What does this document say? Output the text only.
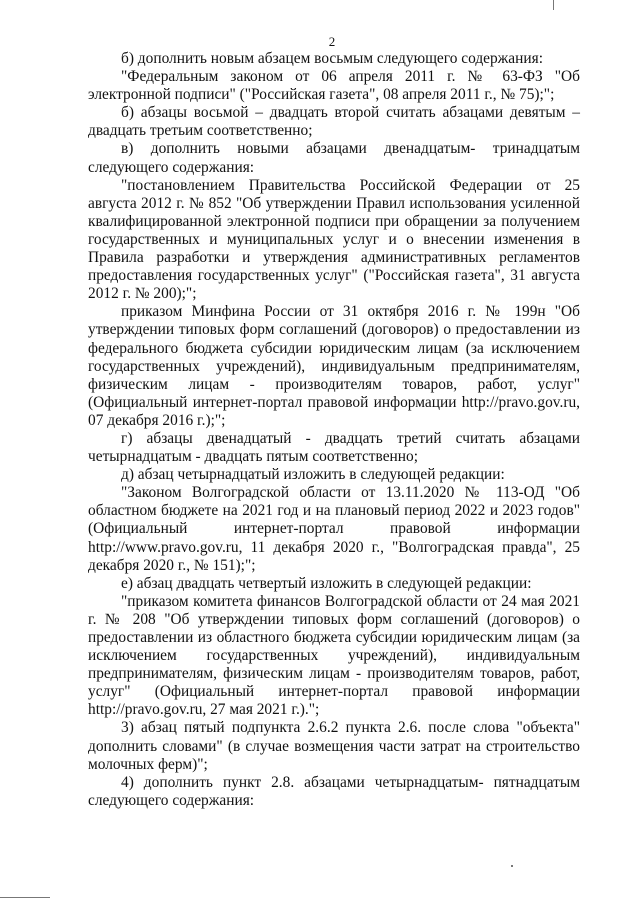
2

б) дополнить новым абзацем восьмым следующего содержания:

"Федеральным законом от 06 апреля 2011 г. № 63-ФЗ "Об электронной подписи" ("Российская газета", 08 апреля 2011 г., № 75);";

б) абзацы восьмой – двадцать второй считать абзацами девятым – двадцать третьим соответственно;

в) дополнить новыми абзацами двенадцатым- тринадцатым следующего содержания:

"постановлением Правительства Российской Федерации от 25 августа 2012 г. № 852 "Об утверждении Правил использования усиленной квалифицированной электронной подписи при обращении за получением государственных и муниципальных услуг и о внесении изменения в Правила разработки и утверждения административных регламентов предоставления государственных услуг" ("Российская газета", 31 августа 2012 г. № 200);";

приказом Минфина России от 31 октября 2016 г. № 199н "Об утверждении типовых форм соглашений (договоров) о предоставлении из федерального бюджета субсидии юридическим лицам (за исключением государственных учреждений), индивидуальным предпринимателям, физическим лицам - производителям товаров, работ, услуг" (Официальный интернет-портал правовой информации http://pravo.gov.ru, 07 декабря 2016 г.);";

г) абзацы двенадцатый - двадцать третий считать абзацами четырнадцатым - двадцать пятым соответственно;

д) абзац четырнадцатый изложить в следующей редакции:

"Законом Волгоградской области от 13.11.2020 № 113-ОД "Об областном бюджете на 2021 год и на плановый период 2022 и 2023 годов" (Официальный интернет-портал правовой информации http://www.pravo.gov.ru, 11 декабря 2020 г., "Волгоградская правда", 25 декабря 2020 г., № 151);";

е) абзац двадцать четвертый изложить в следующей редакции:

"приказом комитета финансов Волгоградской области от 24 мая 2021 г. № 208 "Об утверждении типовых форм соглашений (договоров) о предоставлении из областного бюджета субсидии юридическим лицам (за исключением государственных учреждений), индивидуальным предпринимателям, физическим лицам - производителям товаров, работ, услуг" (Официальный интернет-портал правовой информации http://pravo.gov.ru, 27 мая 2021 г.).";

3) абзац пятый подпункта 2.6.2 пункта 2.6. после слова "объекта" дополнить словами" (в случае возмещения части затрат на строительство молочных ферм)";

4) дополнить пункт 2.8. абзацами четырнадцатым- пятнадцатым следующего содержания:
